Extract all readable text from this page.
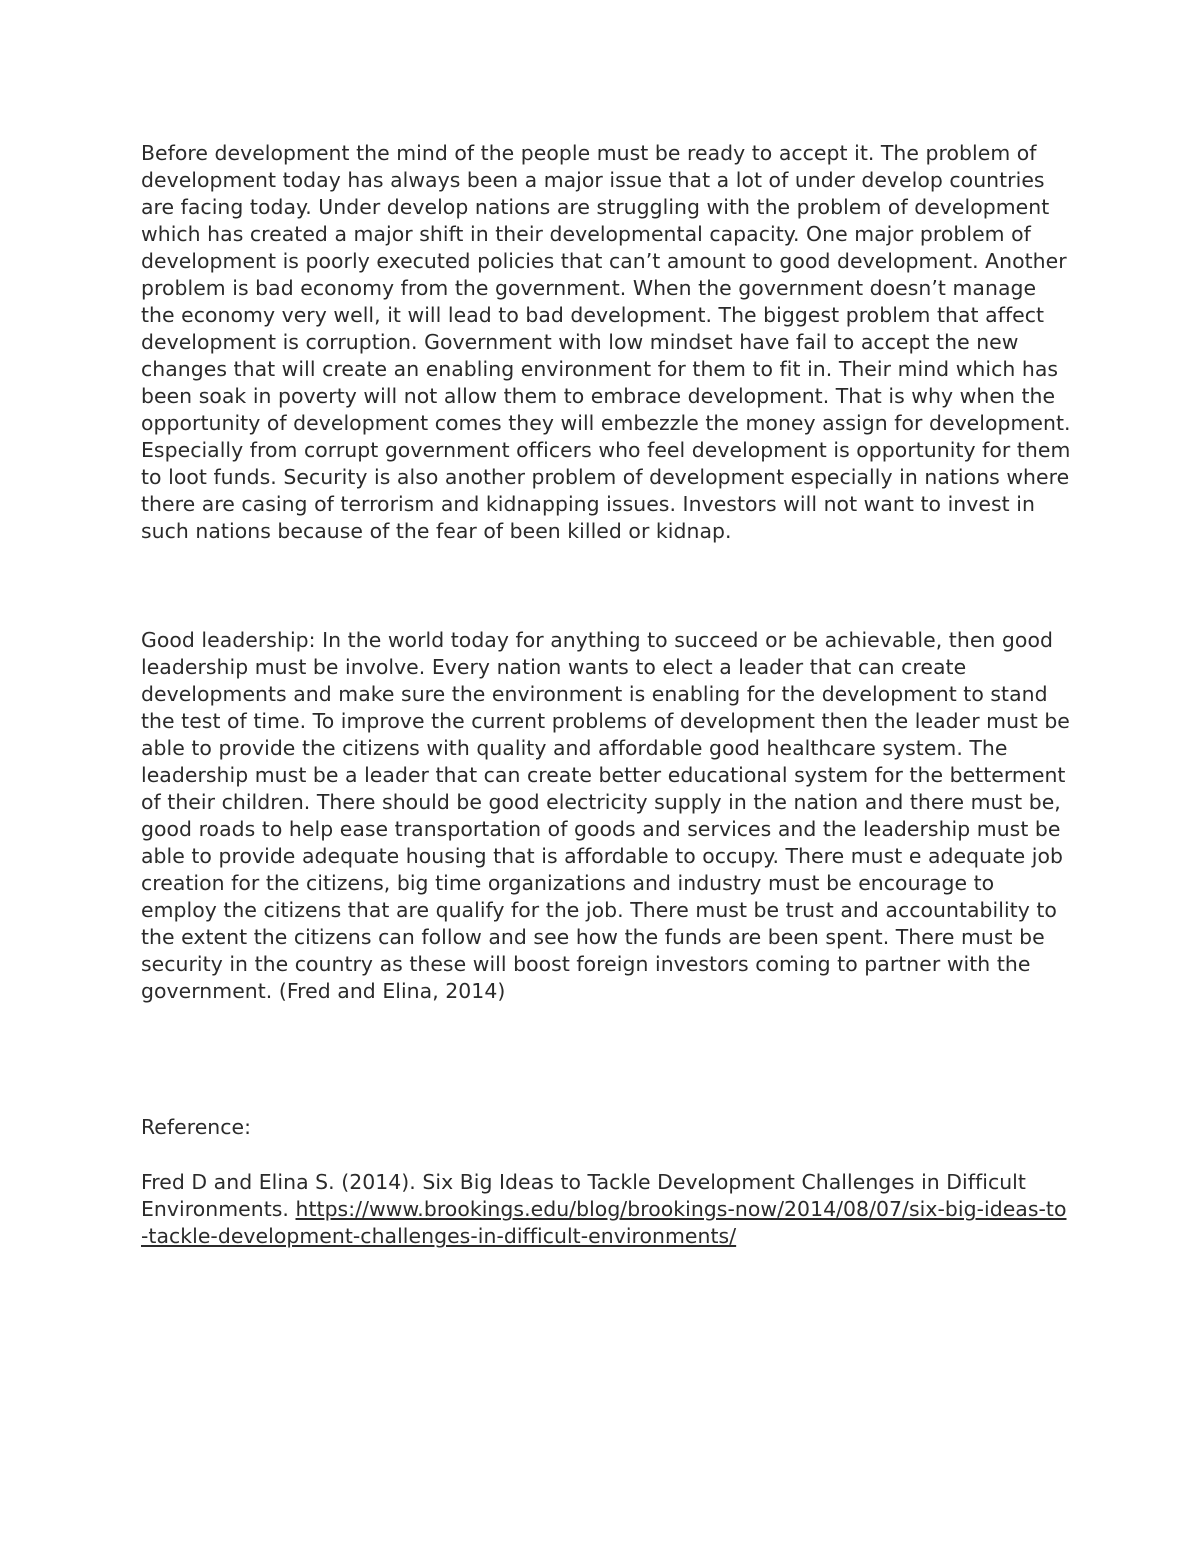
Before development the mind of the people must be ready to accept it. The problem of development today has always been a major issue that a lot of under develop countries are facing today. Under develop nations are struggling with the problem of development which has created a major shift in their developmental capacity. One major problem of development is poorly executed policies that can’t amount to good development. Another problem is bad economy from the government. When the government doesn’t manage the economy very well, it will lead to bad development. The biggest problem that affect development is corruption. Government with low mindset have fail to accept the new changes that will create an enabling environment for them to fit in. Their mind which has been soak in poverty will not allow them to embrace development. That is why when the opportunity of development comes they will embezzle the money assign for development. Especially from corrupt government officers who feel development is opportunity for them to loot funds. Security is also another problem of development especially in nations where there are casing of terrorism and kidnapping issues. Investors will not want to invest in such nations because of the fear of been killed or kidnap.

Good leadership: In the world today for anything to succeed or be achievable, then good leadership must be involve. Every nation wants to elect a leader that can create developments and make sure the environment is enabling for the development to stand the test of time. To improve the current problems of development then the leader must be able to provide the citizens with quality and affordable good healthcare system. The leadership must be a leader that can create better educational system for the betterment of their children. There should be good electricity supply in the nation and there must be, good roads to help ease transportation of goods and services and the leadership must be able to provide adequate housing that is affordable to occupy. There must e adequate job creation for the citizens, big time organizations and industry must be encourage to employ the citizens that are qualify for the job. There must be trust and accountability to the extent the citizens can follow and see how the funds are been spent. There must be security in the country as these will boost foreign investors coming to partner with the government. (Fred and Elina, 2014)

Reference:

Fred D and Elina S. (2014). Six Big Ideas to Tackle Development Challenges in Difficult Environments. https://www.brookings.edu/blog/brookings-now/2014/08/07/six-big-ideas-to-tackle-development-challenges-in-difficult-environments/
